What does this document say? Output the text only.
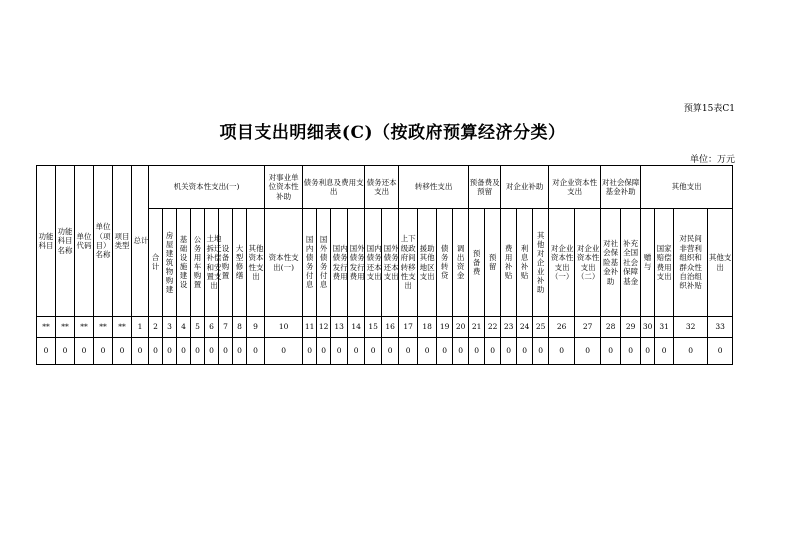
预算15表C1
项目支出明细表(C)（按政府预算经济分类）
单位：万元
功能科目	功能科目名称	单位代码	单位（项目）名称	项目类型	总计	机关资本性支出(一)								对事业单位资本性补助	债务利息及费用支出				债务还本支出		转移性支出				预备费及预留		对企业补助			对企业资本性支出		对社会保障基金补助		其他支出			
						合计	房屋建筑物购建	基础设施建设	公务用车购置	土地拆迁补偿和安置支出	设备购置	大型修缮	其他资本性支出	资本性支出(一)	国内债务付息	国外债务付息	国内债务发行费用	国外债务发行费用	国内债务还本支出	国外债务还本支出	上下级政府间转移性支出	援助其他地区支出	债务转贷	调出资金	预备费	预留	费用补贴	利息补贴	其他对企业补助	对企业资本性支出（一）	对企业资本性支出（二）	对社会保险基金补助	补充全国社会保障基金	赠与	国家赔偿费用支出	对民间非营利组织和群众性自治组织补贴	其他支出
**	**	**	**	**	1	2	3	4	5	6	7	8	9	10	11	12	13	14	15	16	17	18	19	20	21	22	23	24	25	26	27	28	29	30	31	32	33
0	0	0	0	0	0	0	0	0	0	0	0	0	0	0	0	0	0	0	0	0	0	0	0	0	0	0	0	0	0	0	0	0	0	0	0	0	0
